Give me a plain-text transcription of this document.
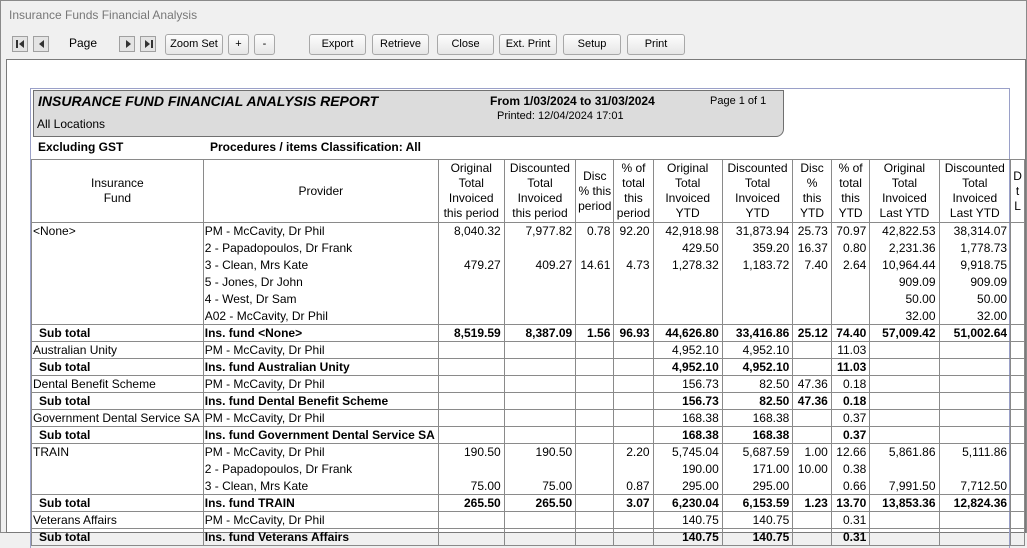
Insurance Funds Financial Analysis
Page	Zoom Set	+	-	Export	Retrieve	Close	Ext. Print	Setup	Print
INSURANCE FUND FINANCIAL ANALYSIS REPORT
All Locations
From 1/03/2024 to 31/03/2024	Page 1 of 1
Printed: 12/04/2024 17:01
Excluding GST	Procedures / items Classification: All
Insurance
Fund	Provider	Original
Total
Invoiced
this period	Discounted
Total
Invoiced
this period	Disc
% this
period	% of
total
this
period	Original
Total
Invoiced
YTD	Discounted
Total
Invoiced
YTD	Disc
%
this
YTD	% of
total
this
YTD	Original
Total
Invoiced
Last YTD	Discounted
Total
Invoiced
Last YTD	D
t
L
<None>	PM - McCavity, Dr Phil	8,040.32	7,977.82	0.78	92.20	42,918.98	31,873.94	25.73	70.97	42,822.53	38,314.07	
	2 - Papadopoulos, Dr Frank					429.50	359.20	16.37	0.80	2,231.36	1,778.73	
	3 - Clean, Mrs Kate	479.27	409.27	14.61	4.73	1,278.32	1,183.72	7.40	2.64	10,964.44	9,918.75	
	5 - Jones, Dr John									909.09	909.09	
	4 - West, Dr Sam									50.00	50.00	
	A02 - McCavity, Dr Phil									32.00	32.00	
Sub total	Ins. fund <None>	8,519.59	8,387.09	1.56	96.93	44,626.80	33,416.86	25.12	74.40	57,009.42	51,002.64	
Australian Unity	PM - McCavity, Dr Phil					4,952.10	4,952.10		11.03			
Sub total	Ins. fund Australian Unity					4,952.10	4,952.10		11.03			
Dental Benefit Scheme	PM - McCavity, Dr Phil					156.73	82.50	47.36	0.18			
Sub total	Ins. fund Dental Benefit Scheme					156.73	82.50	47.36	0.18			
Government Dental Service SA	PM - McCavity, Dr Phil					168.38	168.38		0.37			
Sub total	Ins. fund Government Dental Service SA					168.38	168.38		0.37			
TRAIN	PM - McCavity, Dr Phil	190.50	190.50		2.20	5,745.04	5,687.59	1.00	12.66	5,861.86	5,111.86	
	2 - Papadopoulos, Dr Frank					190.00	171.00	10.00	0.38			
	3 - Clean, Mrs Kate	75.00	75.00		0.87	295.00	295.00		0.66	7,991.50	7,712.50	
Sub total	Ins. fund TRAIN	265.50	265.50		3.07	6,230.04	6,153.59	1.23	13.70	13,853.36	12,824.36	
Veterans Affairs	PM - McCavity, Dr Phil					140.75	140.75		0.31			
Sub total	Ins. fund Veterans Affairs					140.75	140.75		0.31			
